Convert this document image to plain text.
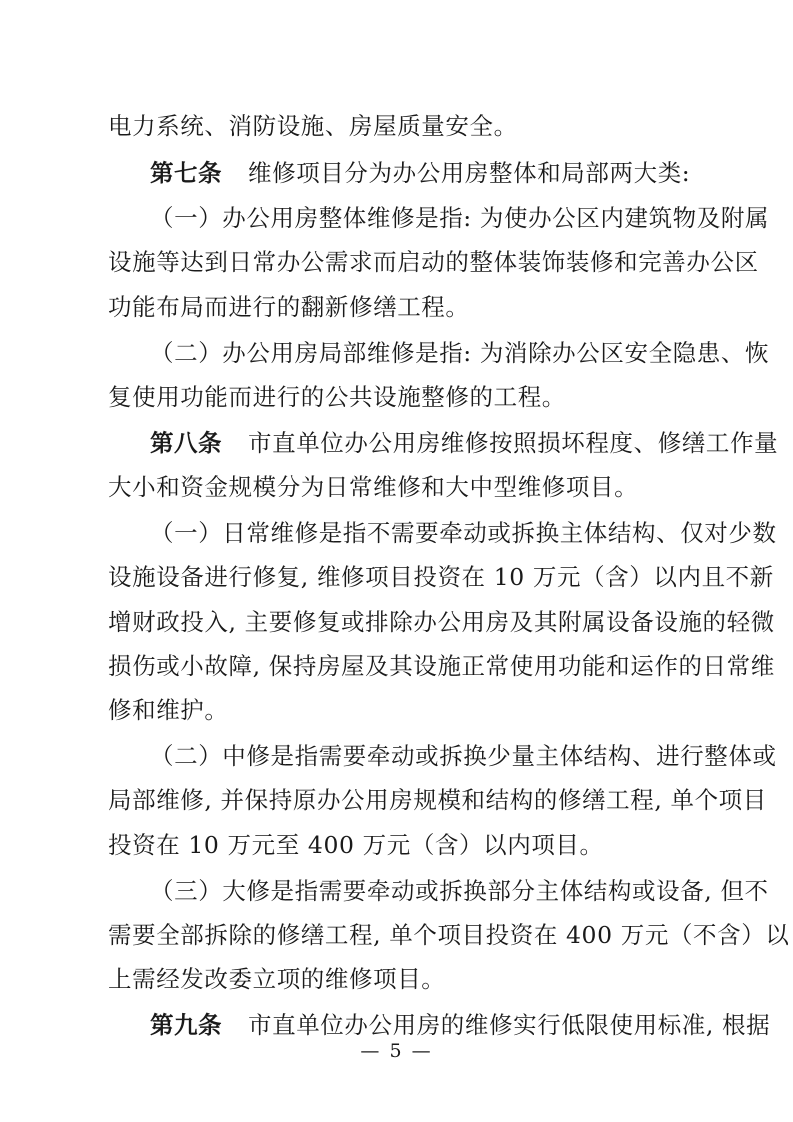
电力系统、消防设施、房屋质量安全。
第七条 维修项目分为办公用房整体和局部两大类:
（一）办公用房整体维修是指: 为使办公区内建筑物及附属
设施等达到日常办公需求而启动的整体装饰装修和完善办公区
功能布局而进行的翻新修缮工程。
（二）办公用房局部维修是指: 为消除办公区安全隐患、恢
复使用功能而进行的公共设施整修的工程。
第八条 市直单位办公用房维修按照损坏程度、修缮工作量
大小和资金规模分为日常维修和大中型维修项目。
（一）日常维修是指不需要牵动或拆换主体结构、仅对少数
设施设备进行修复, 维修项目投资在 10 万元（含）以内且不新
增财政投入, 主要修复或排除办公用房及其附属设备设施的轻微
损伤或小故障, 保持房屋及其设施正常使用功能和运作的日常维
修和维护。
（二）中修是指需要牵动或拆换少量主体结构、进行整体或
局部维修, 并保持原办公用房规模和结构的修缮工程, 单个项目
投资在 10 万元至 400 万元（含）以内项目。
（三）大修是指需要牵动或拆换部分主体结构或设备, 但不
需要全部拆除的修缮工程, 单个项目投资在 400 万元（不含）以
上需经发改委立项的维修项目。
第九条 市直单位办公用房的维修实行低限使用标准, 根据
— 5 —
